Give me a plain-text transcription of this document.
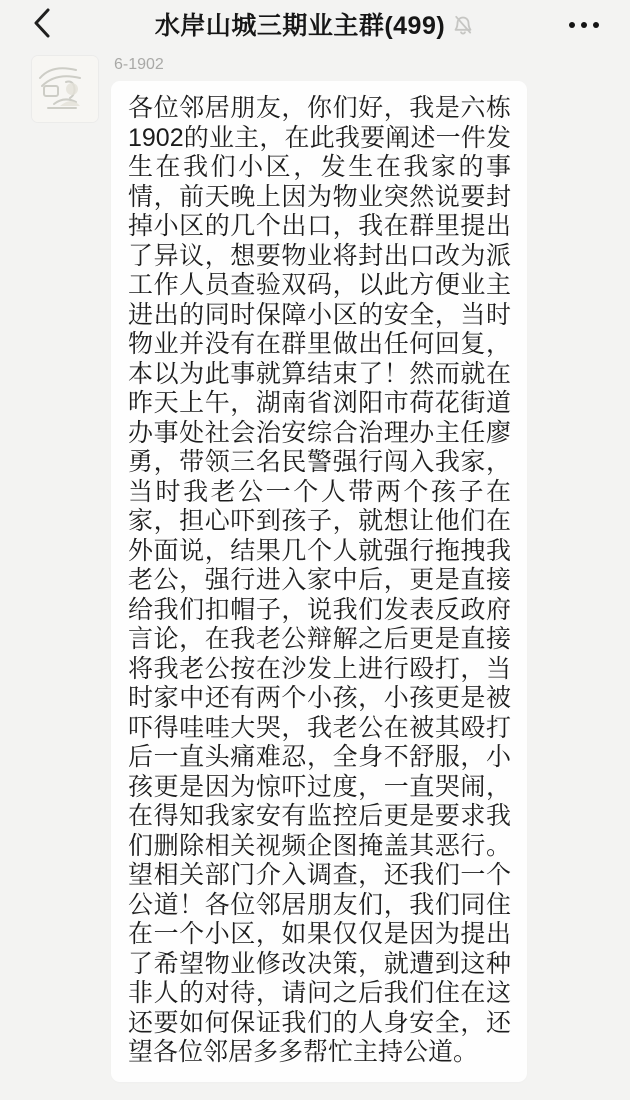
水岸山城三期业主群(499)
6-1902
各位邻居朋友，你们好，我是六栋1902的业主，在此我要阐述一件发生在我们小区，发生在我家的事情，前天晚上因为物业突然说要封掉小区的几个出口，我在群里提出了异议，想要物业将封出口改为派工作人员查验双码，以此方便业主进出的同时保障小区的安全，当时物业并没有在群里做出任何回复，本以为此事就算结束了！然而就在昨天上午，湖南省浏阳市荷花街道办事处社会治安综合治理办主任廖勇，带领三名民警强行闯入我家，当时我老公一个人带两个孩子在家，担心吓到孩子，就想让他们在外面说，结果几个人就强行拖拽我老公，强行进入家中后，更是直接给我们扣帽子，说我们发表反政府言论，在我老公辩解之后更是直接将我老公按在沙发上进行殴打，当时家中还有两个小孩，小孩更是被吓得哇哇大哭，我老公在被其殴打后一直头痛难忍，全身不舒服，小孩更是因为惊吓过度，一直哭闹，在得知我家安有监控后更是要求我们删除相关视频企图掩盖其恶行。望相关部门介入调查，还我们一个公道！各位邻居朋友们，我们同住在一个小区，如果仅仅是因为提出了希望物业修改决策，就遭到这种非人的对待，请问之后我们住在这还要如何保证我们的人身安全，还望各位邻居多多帮忙主持公道。
